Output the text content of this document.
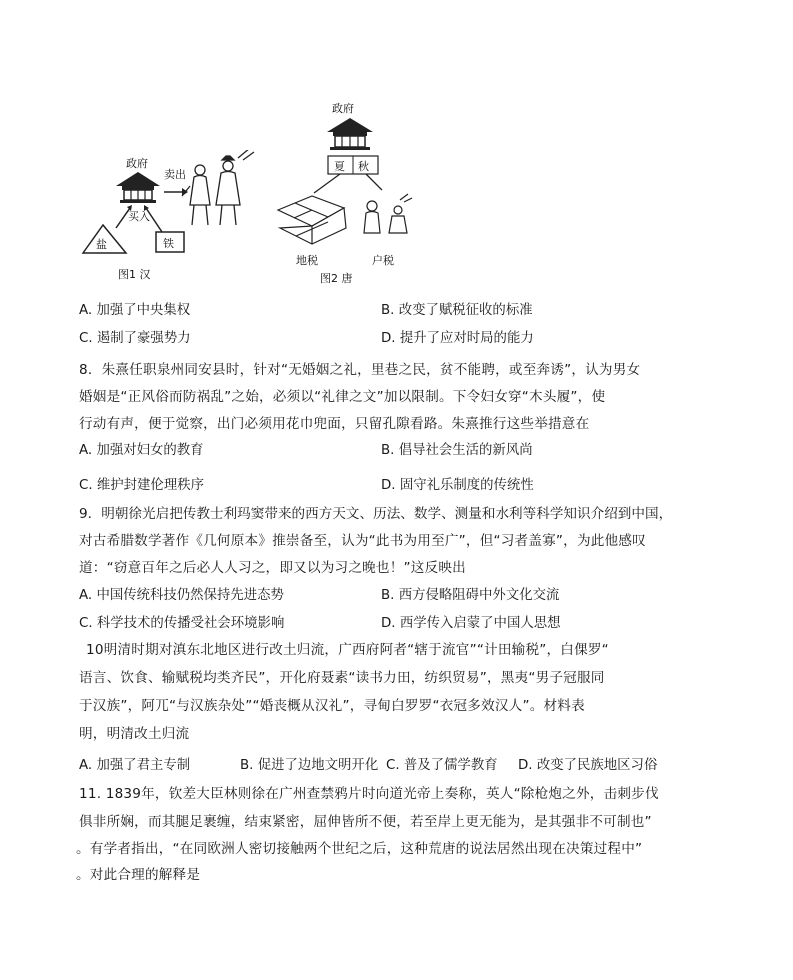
政府
卖出
买入
盐	铁
图1 汉
政府
夏 秋
地税	户税
图2 唐
A. 加强了中央集权	B. 改变了赋税征收的标准
C. 遏制了豪强势力	D. 提升了应对时局的能力
8．朱熹任职泉州同安县时，针对“无婚姻之礼，里巷之民，贫不能聘，或至奔诱”，认为男女
婚姻是“正风俗而防祸乱”之始，必须以“礼律之文”加以限制。下令妇女穿“木头履”，使
行动有声，便于觉察，出门必须用花巾兜面，只留孔隙看路。朱熹推行这些举措意在
A. 加强对妇女的教育	B. 倡导社会生活的新风尚
C. 维护封建伦理秩序	D. 固守礼乐制度的传统性
9．明朝徐光启把传教士利玛窦带来的西方天文、历法、数学、测量和水利等科学知识介绍到中国，
对古希腊数学著作《几何原本》推崇备至，认为“此书为用至广”，但“习者盖寡”，为此他感叹
道：“窃意百年之后必人人习之，即又以为习之晚也！”这反映出
A. 中国传统科技仍然保持先进态势	B. 西方侵略阻碍中外文化交流
C. 科学技术的传播受社会环境影响	D. 西学传入启蒙了中国人思想
10明清时期对滇东北地区进行改土归流，广西府阿者“辖于流官”“计田输税”，白倮罗“
语言、饮食、输赋税均类齐民”，开化府聂素“读书力田，纺织贸易”，黑夷“男子冠服同
于汉族”，阿兀“与汉族杂处”“婚丧概从汉礼”，寻甸白罗罗“衣冠多效汉人”。材料表
明，明清改土归流
A. 加强了君主专制	B. 促进了边地文明开化 C. 普及了儒学教育 D. 改变了民族地区习俗
11. 1839年，钦差大臣林则徐在广州查禁鸦片时向道光帝上奏称，英人“除枪炮之外，击刺步伐
俱非所娴，而其腿足裹缠，结束紧密，屈伸皆所不便，若至岸上更无能为，是其强非不可制也”
。有学者指出，“在同欧洲人密切接触两个世纪之后，这种荒唐的说法居然出现在决策过程中”
。对此合理的解释是
